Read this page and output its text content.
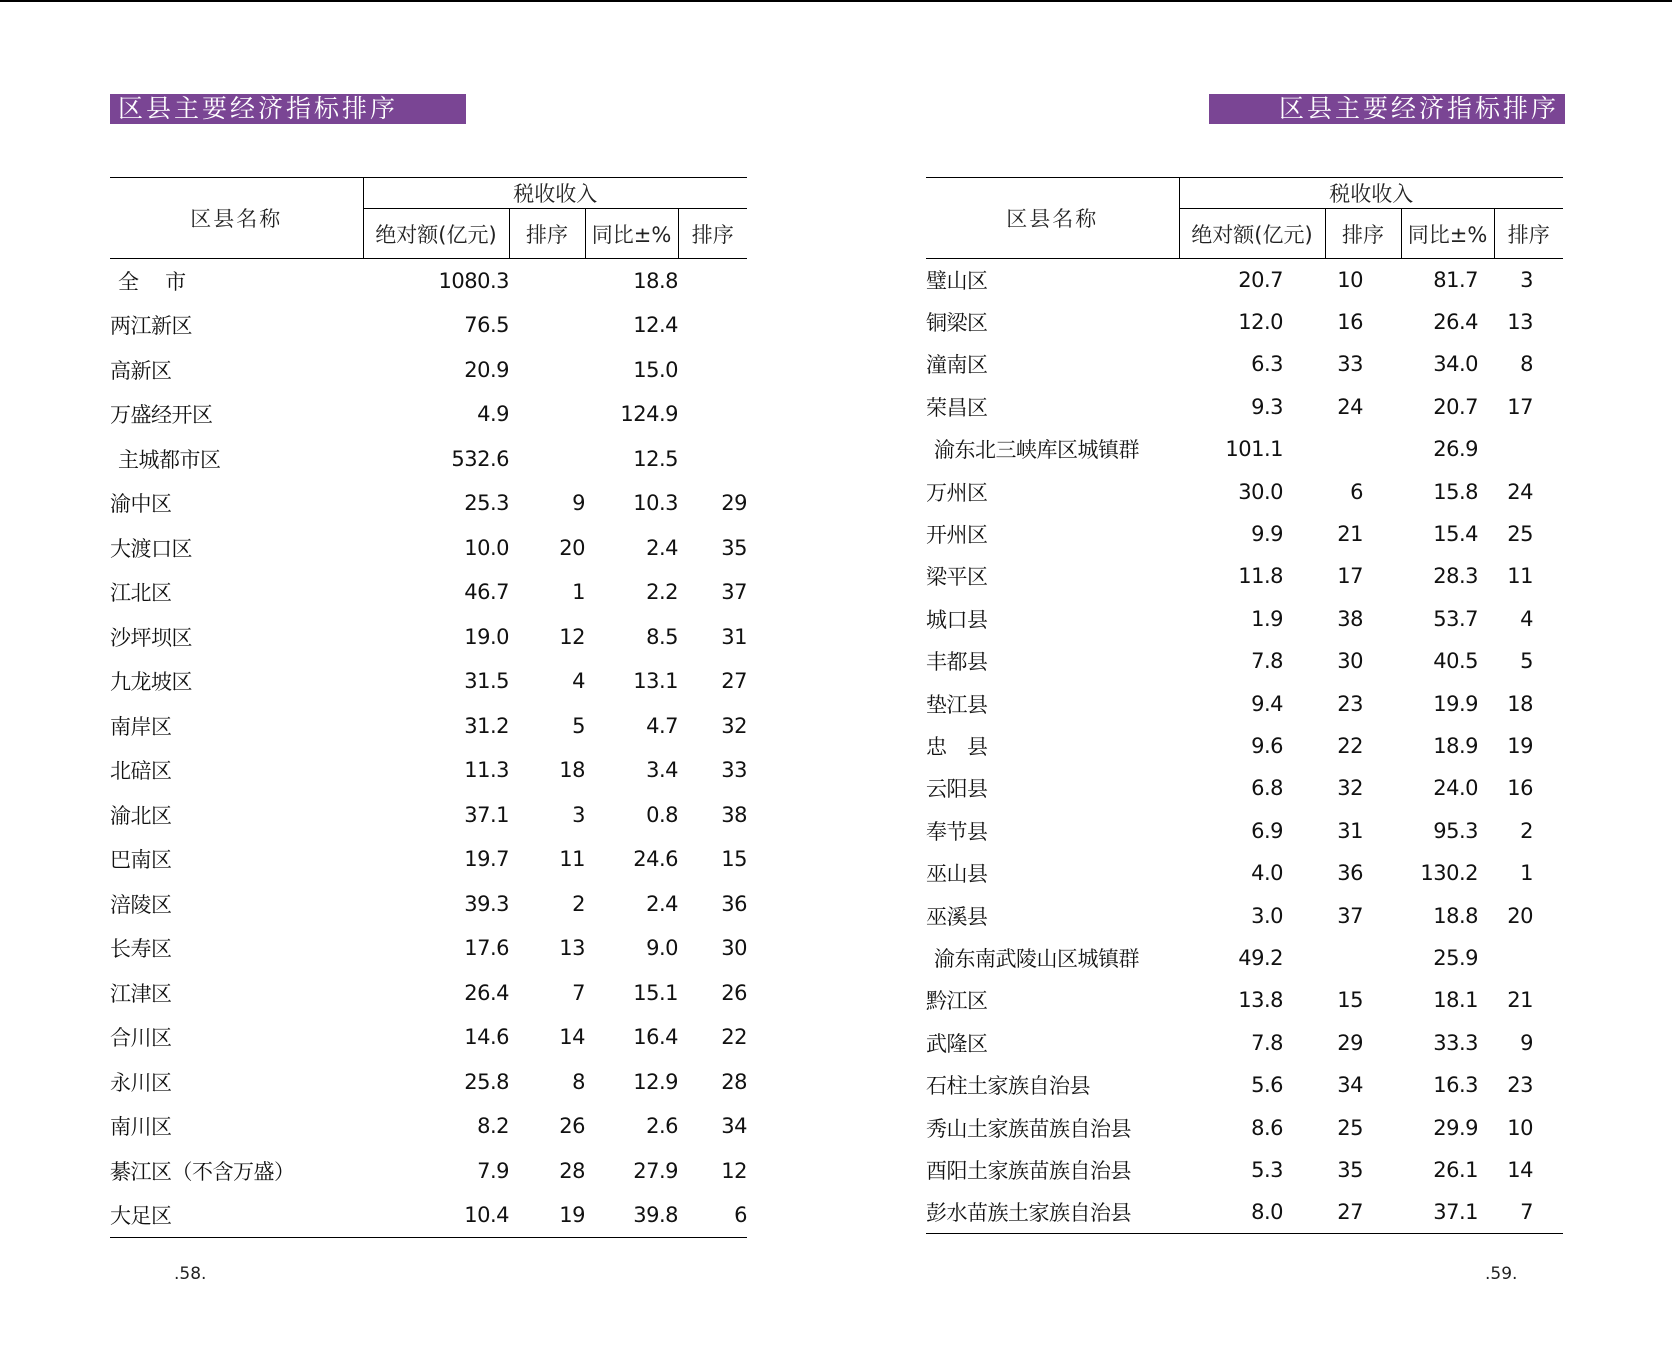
区县主要经济指标排序
区县名称	税收收入			
	绝对额(亿元)	排序	同比±%	排序
全　 市	1080.3		18.8	
两江新区	76.5		12.4	
高新区	20.9		15.0	
万盛经开区	4.9		124.9	
主城都市区	532.6		12.5	
渝中区	25.3	9	10.3	29
大渡口区	10.0	20	2.4	35
江北区	46.7	1	2.2	37
沙坪坝区	19.0	12	8.5	31
九龙坡区	31.5	4	13.1	27
南岸区	31.2	5	4.7	32
北碚区	11.3	18	3.4	33
渝北区	37.1	3	0.8	38
巴南区	19.7	11	24.6	15
涪陵区	39.3	2	2.4	36
长寿区	17.6	13	9.0	30
江津区	26.4	7	15.1	26
合川区	14.6	14	16.4	22
永川区	25.8	8	12.9	28
南川区	8.2	26	2.6	34
綦江区（不含万盛）	7.9	28	27.9	12
大足区	10.4	19	39.8	6
.58.
区县主要经济指标排序
区县名称	税收收入			
	绝对额(亿元)	排序	同比±%	排序
璧山区	20.7	10	81.7	3
铜梁区	12.0	16	26.4	13
潼南区	6.3	33	34.0	8
荣昌区	9.3	24	20.7	17
渝东北三峡库区城镇群	101.1		26.9	
万州区	30.0	6	15.8	24
开州区	9.9	21	15.4	25
梁平区	11.8	17	28.3	11
城口县	1.9	38	53.7	4
丰都县	7.8	30	40.5	5
垫江县	9.4	23	19.9	18
忠　县	9.6	22	18.9	19
云阳县	6.8	32	24.0	16
奉节县	6.9	31	95.3	2
巫山县	4.0	36	130.2	1
巫溪县	3.0	37	18.8	20
渝东南武陵山区城镇群	49.2		25.9	
黔江区	13.8	15	18.1	21
武隆区	7.8	29	33.3	9
石柱土家族自治县	5.6	34	16.3	23
秀山土家族苗族自治县	8.6	25	29.9	10
酉阳土家族苗族自治县	5.3	35	26.1	14
彭水苗族土家族自治县	8.0	27	37.1	7
.59.
